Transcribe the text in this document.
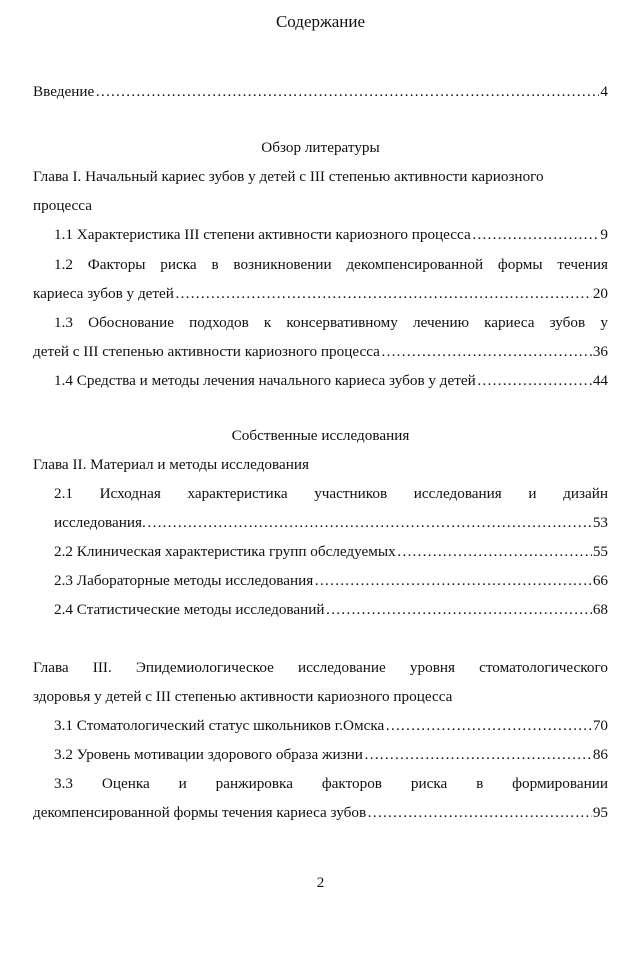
Содержание
Введение ……………………………………………………………………………………………………………………………………………………………………	4
Обзор литературы
Глава I. Начальный кариес зубов у детей с III степенью активности кариозного
процесса
1.1 Характеристика III степени активности кариозного процесса ……………………………………………………………………………………………………………………………………………………………………	9
1.2 Факторы риска в возникновении декомпенсированной формы течения
кариеса зубов у детей ……………………………………………………………………………………………………………………………………………………………………	20
1.3 Обоснование подходов к консервативному лечению кариеса зубов у
детей с III степенью активности кариозного процесса ……………………………………………………………………………………………………………………………………………………………………	36
1.4 Средства и методы лечения начального кариеса зубов у детей ……………………………………………………………………………………………………………………………………………………………………	44
Собственные исследования
Глава II. Материал и методы исследования
2.1 Исходная характеристика участников исследования и дизайн
исследования. ……………………………………………………………………………………………………………………………………………………………………	53
2.2 Клиническая характеристика групп обследуемых ……………………………………………………………………………………………………………………………………………………………………	55
2.3 Лабораторные методы исследования ……………………………………………………………………………………………………………………………………………………………………	66
2.4 Статистические методы исследований ……………………………………………………………………………………………………………………………………………………………………	68
Глава III. Эпидемиологическое исследование уровня стоматологического
здоровья у детей с III степенью активности кариозного процесса
3.1 Стоматологический статус школьников г.Омска ……………………………………………………………………………………………………………………………………………………………………	70
3.2 Уровень мотивации здорового образа жизни ……………………………………………………………………………………………………………………………………………………………………	86
3.3 Оценка и ранжировка факторов риска в формировании
декомпенсированной формы течения кариеса зубов ……………………………………………………………………………………………………………………………………………………………………	95
2
